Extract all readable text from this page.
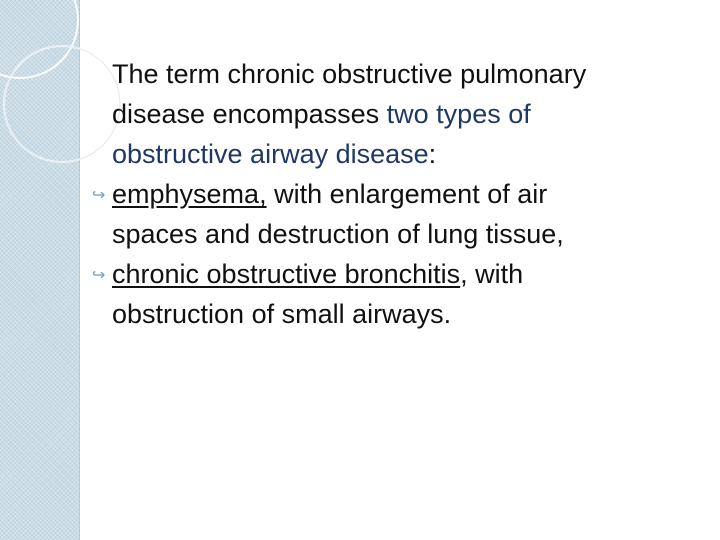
The term chronic obstructive pulmonary
disease encompasses two types of
obstructive airway disease:
↪ emphysema, with enlargement of air
spaces and destruction of lung tissue,
↪ chronic obstructive bronchitis, with
obstruction of small airways.
